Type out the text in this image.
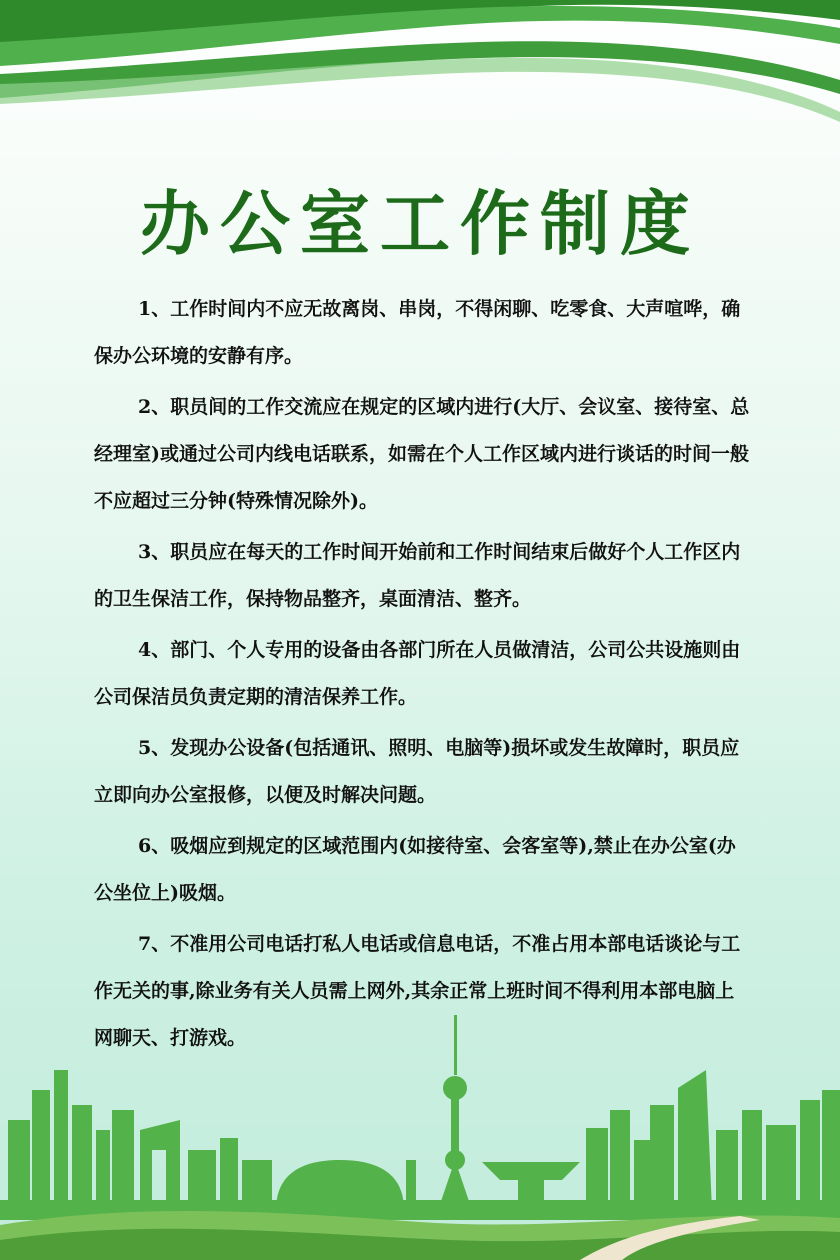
办公室工作制度

1、工作时间内不应无故离岗、串岗，不得闲聊、吃零食、大声喧哗，确保办公环境的安静有序。

2、职员间的工作交流应在规定的区域内进行(大厅、会议室、接待室、总经理室)或通过公司内线电话联系，如需在个人工作区域内进行谈话的时间一般不应超过三分钟(特殊情况除外)。

3、职员应在每天的工作时间开始前和工作时间结束后做好个人工作区内的卫生保洁工作，保持物品整齐，桌面清洁、整齐。

4、部门、个人专用的设备由各部门所在人员做清洁，公司公共设施则由公司保洁员负责定期的清洁保养工作。

5、发现办公设备(包括通讯、照明、电脑等)损坏或发生故障时，职员应立即向办公室报修，以便及时解决问题。

6、吸烟应到规定的区域范围内(如接待室、会客室等),禁止在办公室(办公坐位上)吸烟。

7、不准用公司电话打私人电话或信息电话，不准占用本部电话谈论与工作无关的事,除业务有关人员需上网外,其余正常上班时间不得利用本部电脑上网聊天、打游戏。
